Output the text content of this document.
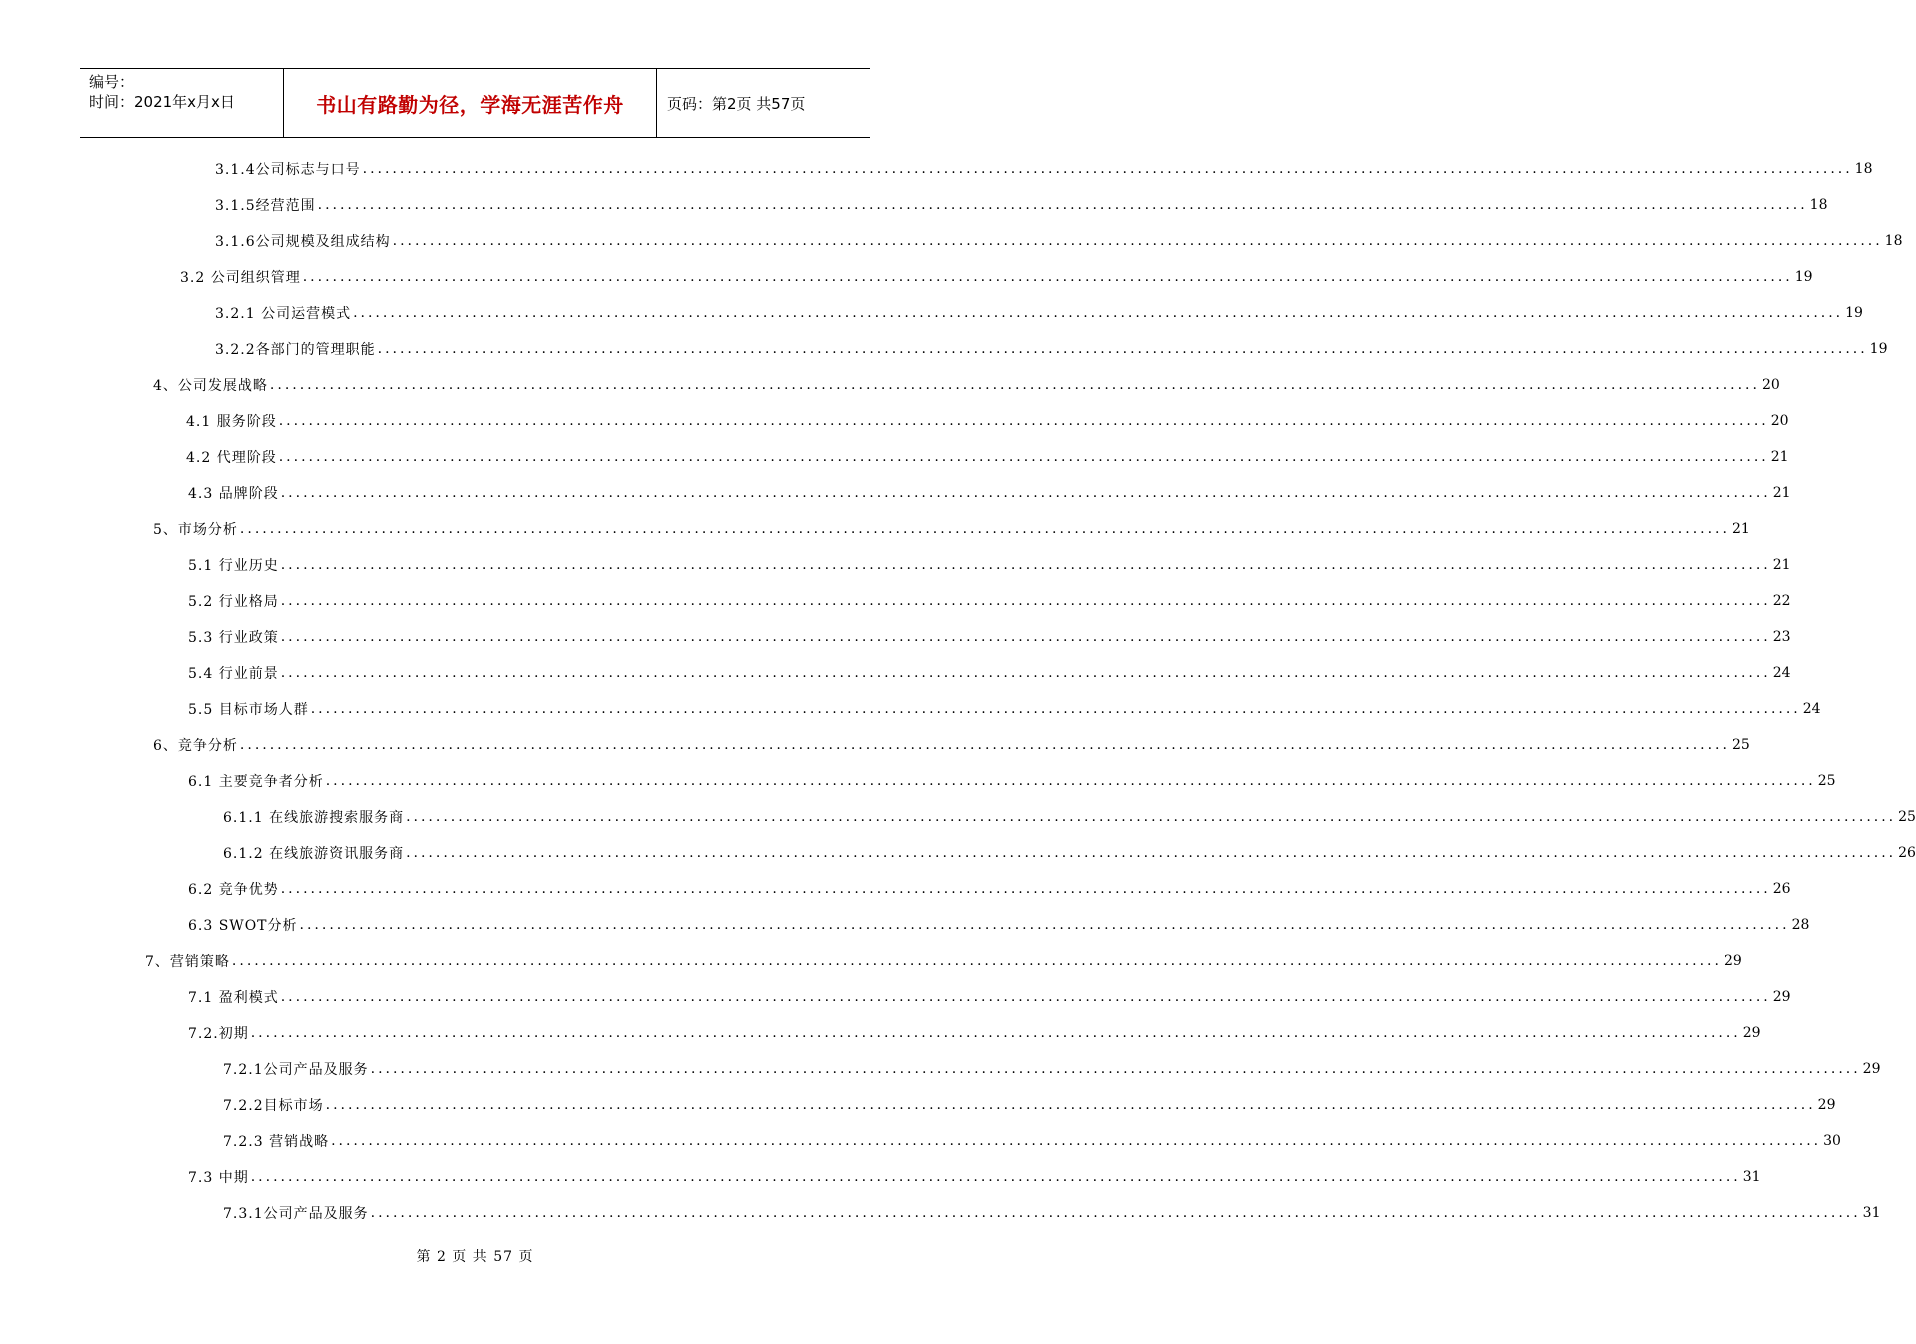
编号：
时间：2021年x月x日	书山有路勤为径，学海无涯苦作舟	页码：第2页 共57页
3.1.4公司标志与口号 ........................................................................................................................................................................................................ 18
3.1.5经营范围 ........................................................................................................................................................................................................ 18
3.1.6公司规模及组成结构 ........................................................................................................................................................................................................ 18
3.2 公司组织管理 ........................................................................................................................................................................................................ 19
3.2.1 公司运营模式 ........................................................................................................................................................................................................ 19
3.2.2各部门的管理职能 ........................................................................................................................................................................................................ 19
4、公司发展战略 ........................................................................................................................................................................................................ 20
4.1 服务阶段 ........................................................................................................................................................................................................ 20
4.2 代理阶段 ........................................................................................................................................................................................................ 21
4.3 品牌阶段 ........................................................................................................................................................................................................ 21
5、市场分析 ........................................................................................................................................................................................................ 21
5.1 行业历史 ........................................................................................................................................................................................................ 21
5.2 行业格局 ........................................................................................................................................................................................................ 22
5.3 行业政策 ........................................................................................................................................................................................................ 23
5.4 行业前景 ........................................................................................................................................................................................................ 24
5.5 目标市场人群 ........................................................................................................................................................................................................ 24
6、竞争分析 ........................................................................................................................................................................................................ 25
6.1 主要竞争者分析 ........................................................................................................................................................................................................ 25
6.1.1 在线旅游搜索服务商 ........................................................................................................................................................................................................ 25
6.1.2 在线旅游资讯服务商 ........................................................................................................................................................................................................ 26
6.2 竞争优势 ........................................................................................................................................................................................................ 26
6.3 SWOT分析 ........................................................................................................................................................................................................ 28
7、营销策略 ........................................................................................................................................................................................................ 29
7.1 盈利模式 ........................................................................................................................................................................................................ 29
7.2.初期 ........................................................................................................................................................................................................ 29
7.2.1公司产品及服务 ........................................................................................................................................................................................................ 29
7.2.2目标市场 ........................................................................................................................................................................................................ 29
7.2.3 营销战略 ........................................................................................................................................................................................................ 30
7.3 中期 ........................................................................................................................................................................................................ 31
7.3.1公司产品及服务 ........................................................................................................................................................................................................ 31
第 2 页 共 57 页
